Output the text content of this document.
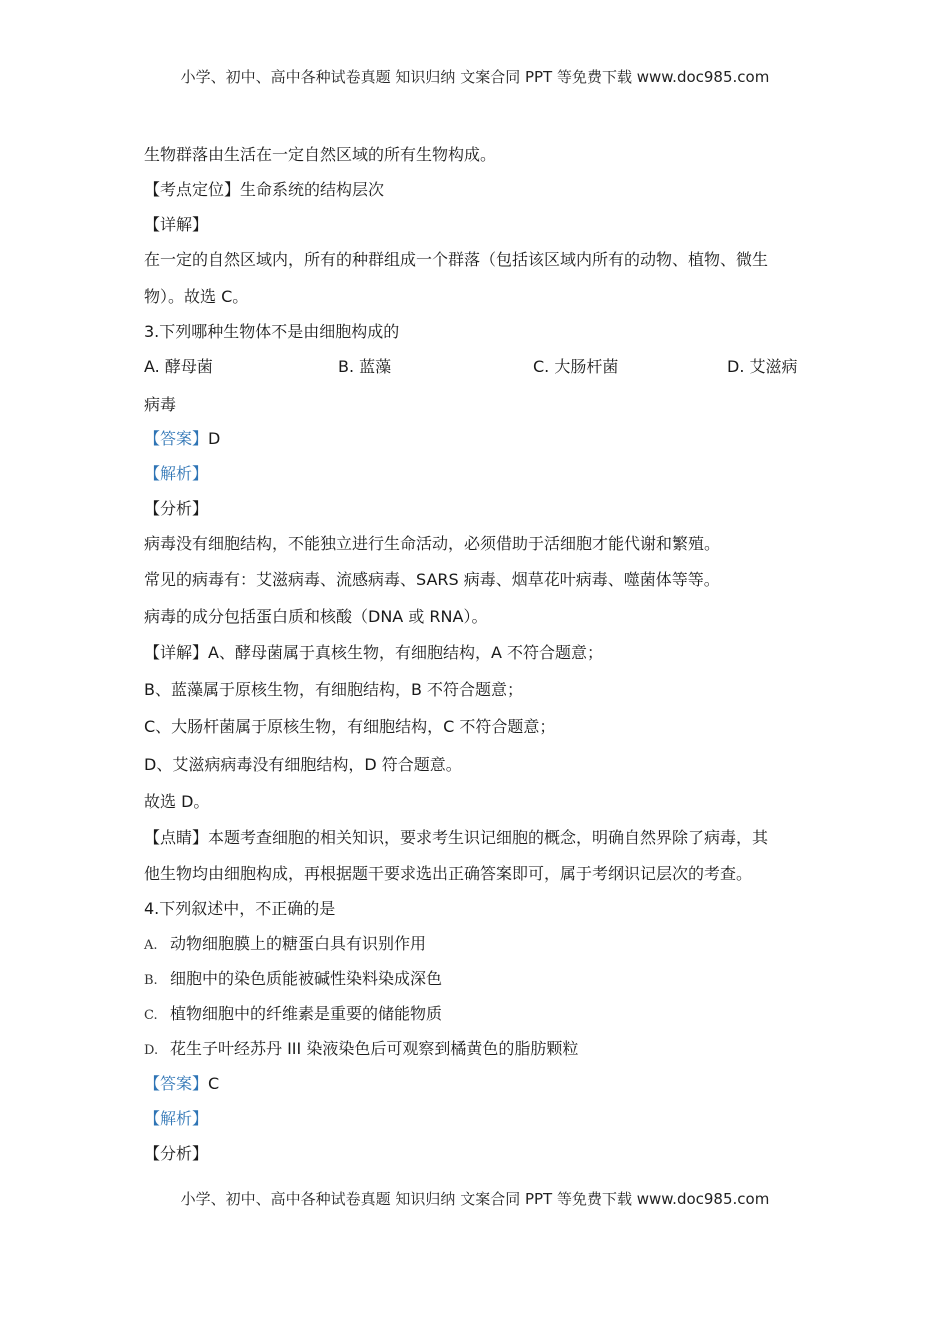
小学、初中、高中各种试卷真题 知识归纳 文案合同 PPT 等免费下载 www.doc985.com
生物群落由生活在一定自然区域的所有生物构成。
【考点定位】生命系统的结构层次
【详解】
在一定的自然区域内，所有的种群组成一个群落（包括该区域内所有的动物、植物、微生
物）。故选 C。
3.下列哪种生物体不是由细胞构成的
A. 酵母菌	B. 蓝藻	C. 大肠杆菌	D. 艾滋病
病毒
【答案】D
【解析】
【分析】
病毒没有细胞结构，不能独立进行生命活动，必须借助于活细胞才能代谢和繁殖。
常见的病毒有：艾滋病毒、流感病毒、SARS 病毒、烟草花叶病毒、噬菌体等等。
病毒的成分包括蛋白质和核酸（DNA 或 RNA）。
【详解】A、酵母菌属于真核生物，有细胞结构，A 不符合题意；
B、蓝藻属于原核生物，有细胞结构，B 不符合题意；
C、大肠杆菌属于原核生物，有细胞结构，C 不符合题意；
D、艾滋病病毒没有细胞结构，D 符合题意。
故选 D。
【点睛】本题考查细胞的相关知识，要求考生识记细胞的概念，明确自然界除了病毒，其
他生物均由细胞构成，再根据题干要求选出正确答案即可，属于考纲识记层次的考查。
4.下列叙述中，不正确的是
A. 动物细胞膜上的糖蛋白具有识别作用
B. 细胞中的染色质能被碱性染料染成深色
C. 植物细胞中的纤维素是重要的储能物质
D. 花生子叶经苏丹 III 染液染色后可观察到橘黄色的脂肪颗粒
【答案】C
【解析】
【分析】
小学、初中、高中各种试卷真题 知识归纳 文案合同 PPT 等免费下载 www.doc985.com
